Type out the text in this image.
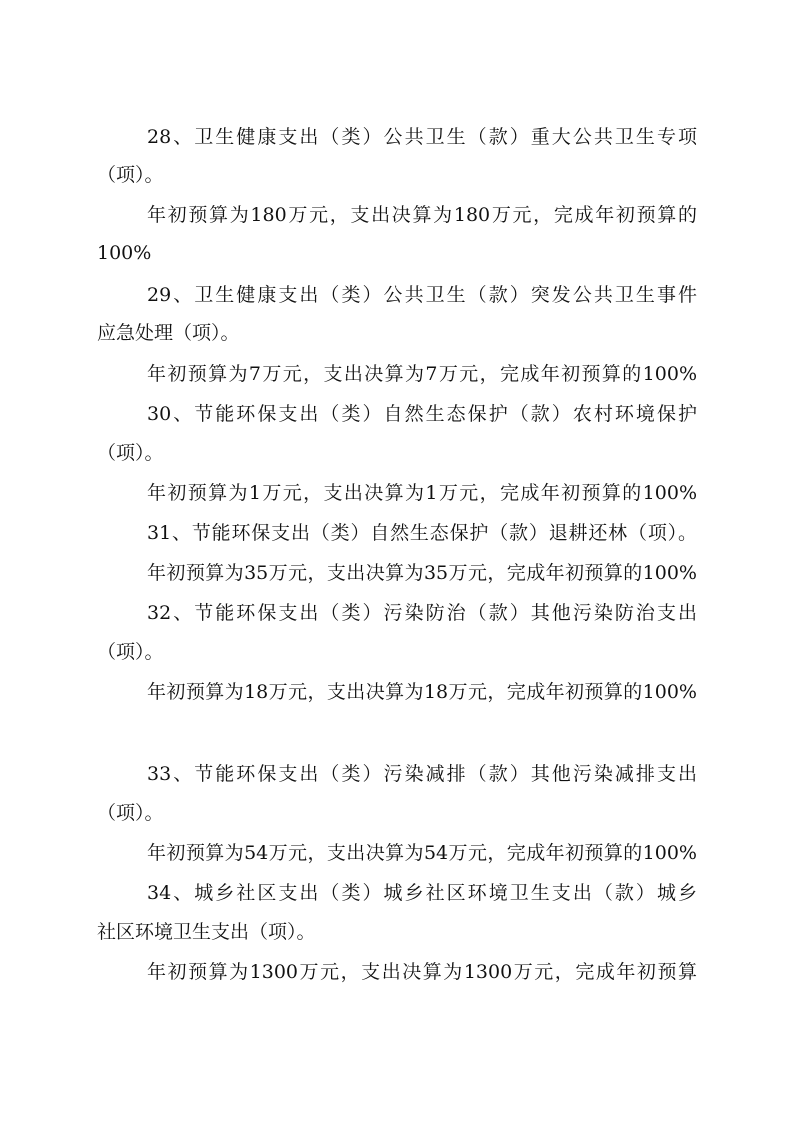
28、卫生健康支出（类）公共卫生（款）重大公共卫生专项
（项）。
年初预算为180万元，支出决算为180万元，完成年初预算的
100%
29、卫生健康支出（类）公共卫生（款）突发公共卫生事件
应急处理（项）。
年初预算为7万元，支出决算为7万元，完成年初预算的100%
30、节能环保支出（类）自然生态保护（款）农村环境保护
（项）。
年初预算为1万元，支出决算为1万元，完成年初预算的100%
31、节能环保支出（类）自然生态保护（款）退耕还林（项）。
年初预算为35万元，支出决算为35万元，完成年初预算的100%
32、节能环保支出（类）污染防治（款）其他污染防治支出
（项）。
年初预算为18万元，支出决算为18万元，完成年初预算的100%
33、节能环保支出（类）污染减排（款）其他污染减排支出
（项）。
年初预算为54万元，支出决算为54万元，完成年初预算的100%
34、城乡社区支出（类）城乡社区环境卫生支出（款）城乡
社区环境卫生支出（项）。
年初预算为1300万元，支出决算为1300万元，完成年初预算
